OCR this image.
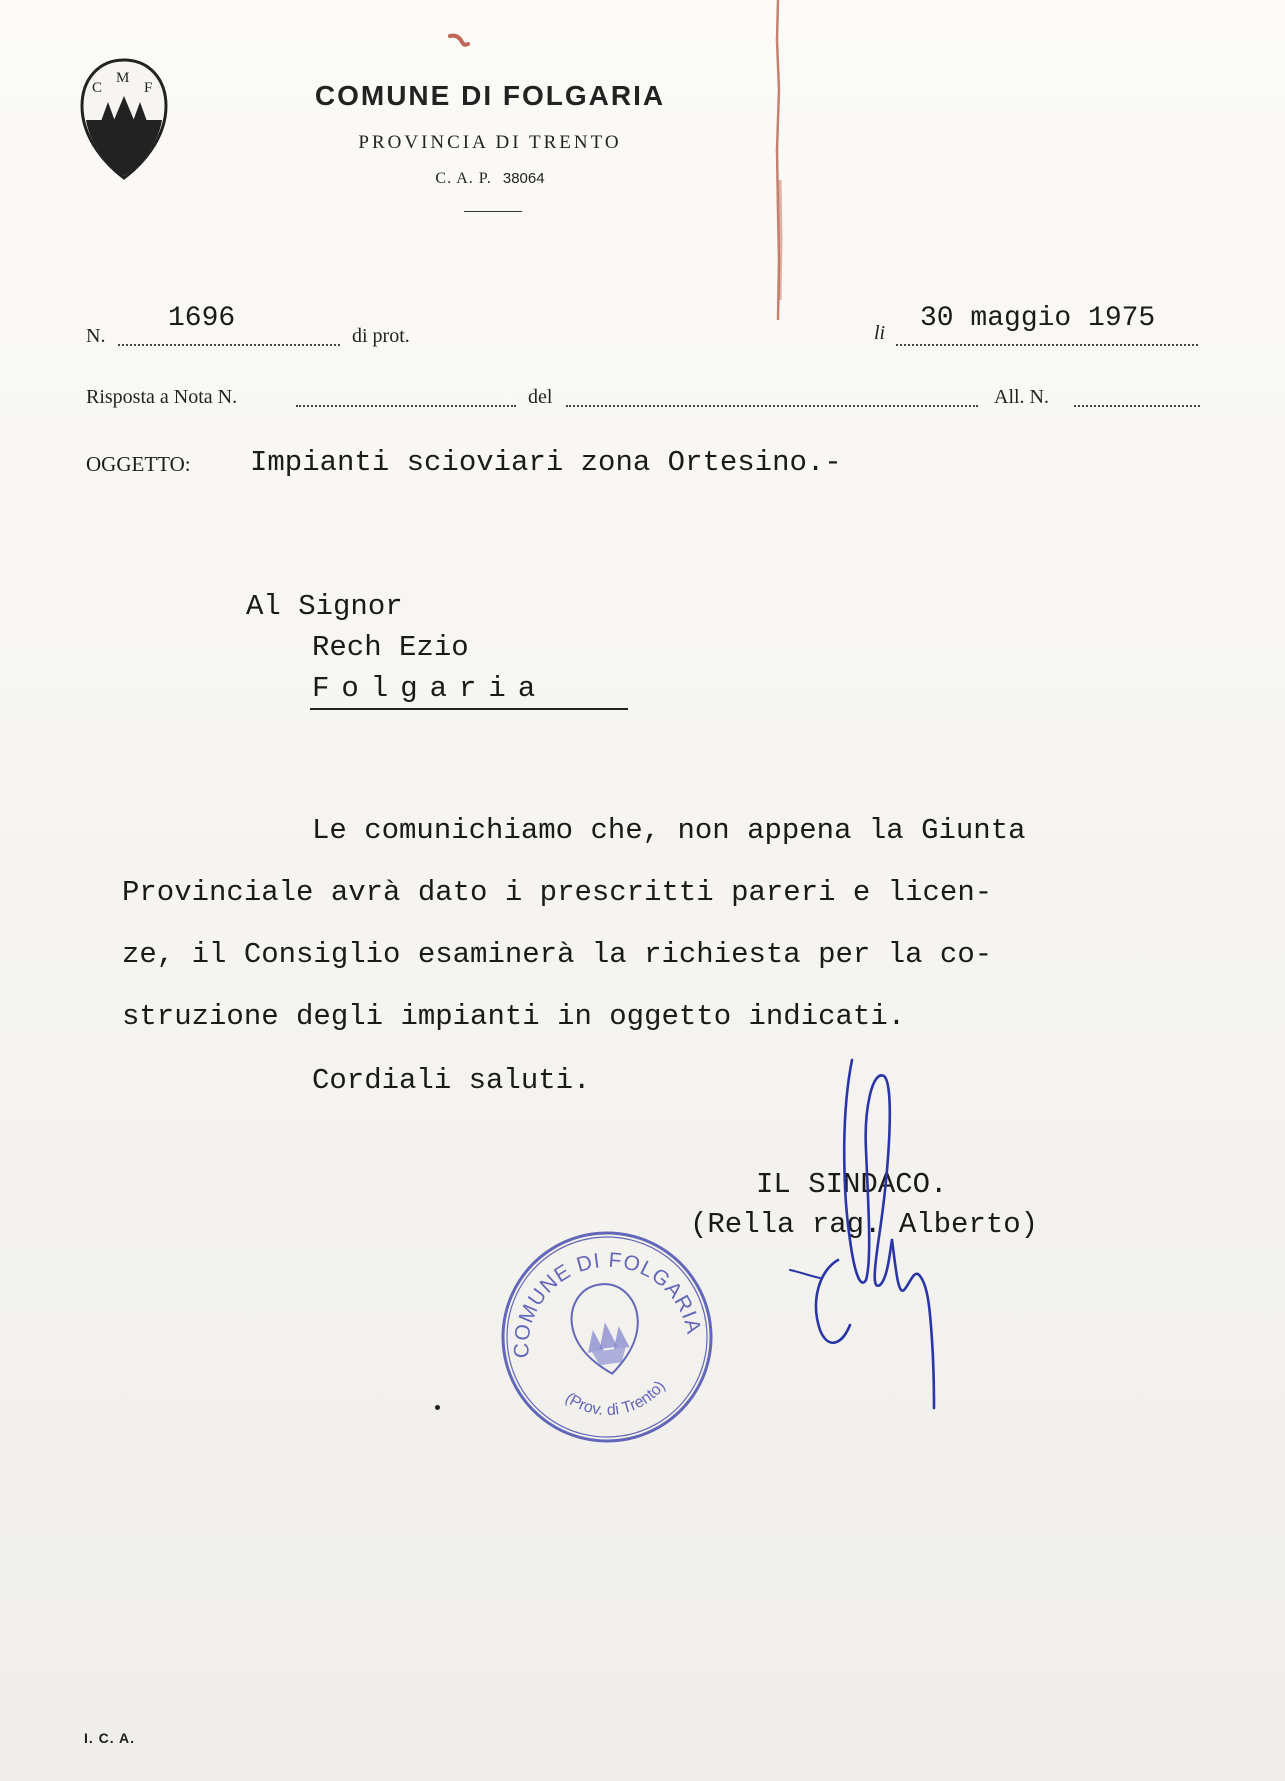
C
M
F	COMUNE DI FOLGARIA
PROVINCIA DI TRENTO
C. A. P. 38064
N.
1696
di prot.	li 30 maggio 1975
Risposta a Nota N.	del	All. N.
OGGETTO: Impianti scioviari zona Ortesino.-
Al Signor
Rech Ezio
Folgaria
Le comunichiamo che, non appena la Giunta
Provinciale avrà dato i prescritti pareri e licen-
ze, il Consiglio esaminerà la richiesta per la co-
struzione degli impianti in oggetto indicati.
Cordiali saluti.
IL SINDACO.
(Rella rag. Alberto)
COMUNE DI FOLGARIA
(Prov. di Trento)
I. C. A.
